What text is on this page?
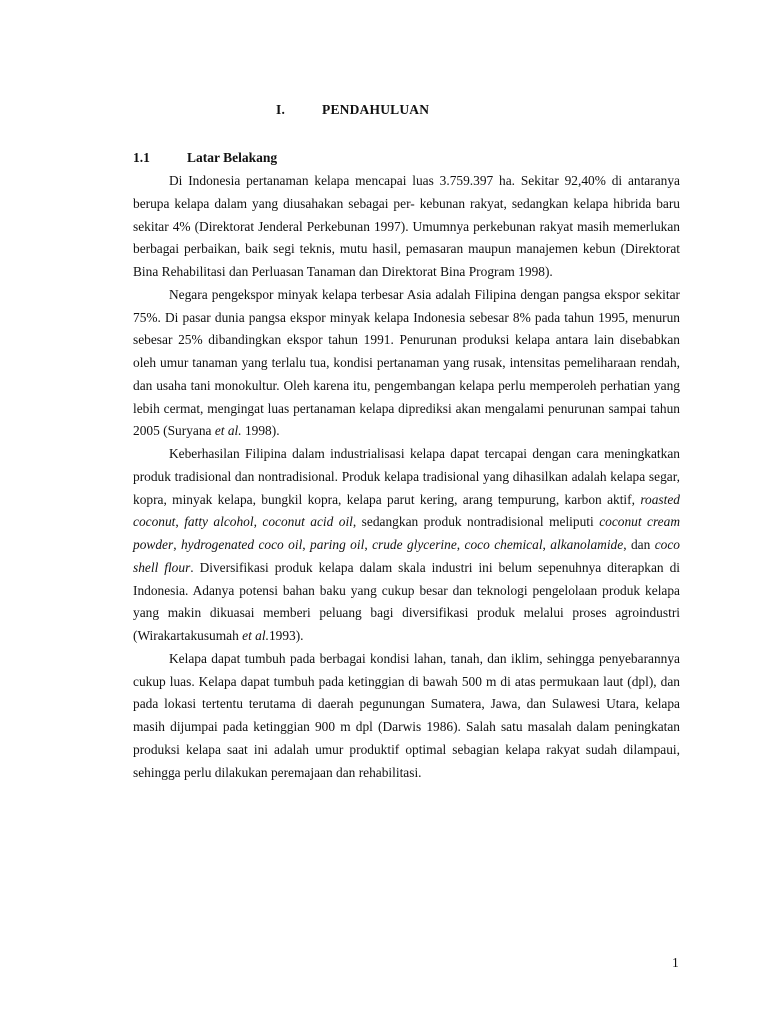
I.	PENDAHULUAN
1.1	Latar Belakang

Di Indonesia pertanaman kelapa mencapai luas 3.759.397 ha. Sekitar 92,40% di antaranya berupa kelapa dalam yang diusahakan sebagai per- kebunan rakyat, sedangkan kelapa hibrida baru sekitar 4% (Direktorat Jenderal Perkebunan 1997). Umumnya perkebunan rakyat masih memerlukan berbagai perbaikan, baik segi teknis, mutu hasil, pemasaran maupun manajemen kebun (Direktorat Bina Rehabilitasi dan Perluasan Tanaman dan Direktorat Bina Program 1998).

Negara pengekspor minyak kelapa terbesar Asia adalah Filipina dengan pangsa ekspor sekitar 75%. Di pasar dunia pangsa ekspor minyak kelapa Indonesia sebesar 8% pada tahun 1995, menurun sebesar 25% dibandingkan ekspor tahun 1991. Penurunan produksi kelapa antara lain disebabkan oleh umur tanaman yang terlalu tua, kondisi pertanaman yang rusak, intensitas pemeliharaan rendah, dan usaha tani monokultur. Oleh karena itu, pengembangan kelapa perlu memperoleh perhatian yang lebih cermat, mengingat luas pertanaman kelapa diprediksi akan mengalami penurunan sampai tahun 2005 (Suryana et al. 1998).

Keberhasilan Filipina dalam industrialisasi kelapa dapat tercapai dengan cara meningkatkan produk tradisional dan nontradisional. Produk kelapa tradisional yang dihasilkan adalah kelapa segar, kopra, minyak kelapa, bungkil kopra, kelapa parut kering, arang tempurung, karbon aktif, roasted coconut, fatty alcohol, coconut acid oil, sedangkan produk nontradisional meliputi coconut cream powder, hydrogenated coco oil, paring oil, crude glycerine, coco chemical, alkanolamide, dan coco shell flour. Diversifikasi produk kelapa dalam skala industri ini belum sepenuhnya diterapkan di Indonesia. Adanya potensi bahan baku yang cukup besar dan teknologi pengelolaan produk kelapa yang makin dikuasai memberi peluang bagi diversifikasi produk melalui proses agroindustri (Wirakartakusumah et al.1993).

Kelapa dapat tumbuh pada berbagai kondisi lahan, tanah, dan iklim, sehingga penyebarannya cukup luas. Kelapa dapat tumbuh pada ketinggian di bawah 500 m di atas permukaan laut (dpl), dan pada lokasi tertentu terutama di daerah pegunungan Sumatera, Jawa, dan Sulawesi Utara, kelapa masih dijumpai pada ketinggian 900 m dpl (Darwis 1986). Salah satu masalah dalam peningkatan produksi kelapa saat ini adalah umur produktif optimal sebagian kelapa rakyat sudah dilampaui, sehingga perlu dilakukan peremajaan dan rehabilitasi.

1
